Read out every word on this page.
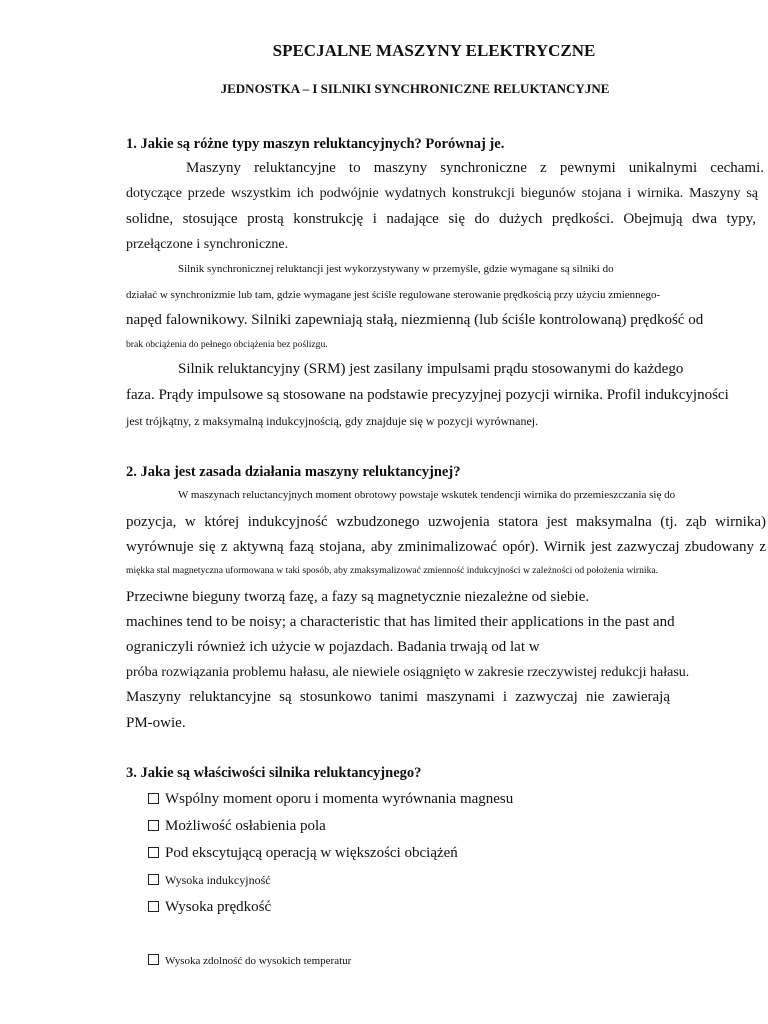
SPECJALNE MASZYNY ELEKTRYCZNE
JEDNOSTKA – I SILNIKI SYNCHRONICZNE RELUKTANCYJNE
1. Jakie są różne typy maszyn reluktancyjnych? Porównaj je.
Maszyny reluktancyjne to maszyny synchroniczne z pewnymi unikalnymi cechami.
dotyczące przede wszystkim ich podwójnie wydatnych konstrukcji biegunów stojana i wirnika. Maszyny są
solidne, stosujące prostą konstrukcję i nadające się do dużych prędkości. Obejmują dwa typy,
przełączone i synchroniczne.
Silnik synchronicznej reluktancji jest wykorzystywany w przemyśle, gdzie wymagane są silniki do
działać w synchronizmie lub tam, gdzie wymagane jest ściśle regulowane sterowanie prędkością przy użyciu zmiennego-
napęd falownikowy. Silniki zapewniają stałą, niezmienną (lub ściśle kontrolowaną) prędkość od
brak obciążenia do pełnego obciążenia bez poślizgu.
Silnik reluktancyjny (SRM) jest zasilany impulsami prądu stosowanymi do każdego
faza. Prądy impulsowe są stosowane na podstawie precyzyjnej pozycji wirnika. Profil indukcyjności
jest trójkątny, z maksymalną indukcyjnością, gdy znajduje się w pozycji wyrównanej.
2. Jaka jest zasada działania maszyny reluktancyjnej?
W maszynach reluctancyjnych moment obrotowy powstaje wskutek tendencji wirnika do przemieszczania się do
pozycja, w której indukcyjność wzbudzonego uzwojenia statora jest maksymalna (tj. ząb wirnika)
wyrównuje się z aktywną fazą stojana, aby zminimalizować opór). Wirnik jest zazwyczaj zbudowany z
miękka stal magnetyczna uformowana w taki sposób, aby zmaksymalizować zmienność indukcyjności w zależności od położenia wirnika.
Przeciwne bieguny tworzą fazę, a fazy są magnetycznie niezależne od siebie.
machines tend to be noisy; a characteristic that has limited their applications in the past and
ograniczyli również ich użycie w pojazdach. Badania trwają od lat w
próba rozwiązania problemu hałasu, ale niewiele osiągnięto w zakresie rzeczywistej redukcji hałasu.
Maszyny reluktancyjne są stosunkowo tanimi maszynami i zazwyczaj nie zawierają
PM-owie.
3. Jakie są właściwości silnika reluktancyjnego?
Wspólny moment oporu i momenta wyrównania magnesu
Możliwość osłabienia pola
Pod ekscytującą operacją w większości obciążeń
Wysoka indukcyjność
Wysoka prędkość
Wysoka zdolność do wysokich temperatur
